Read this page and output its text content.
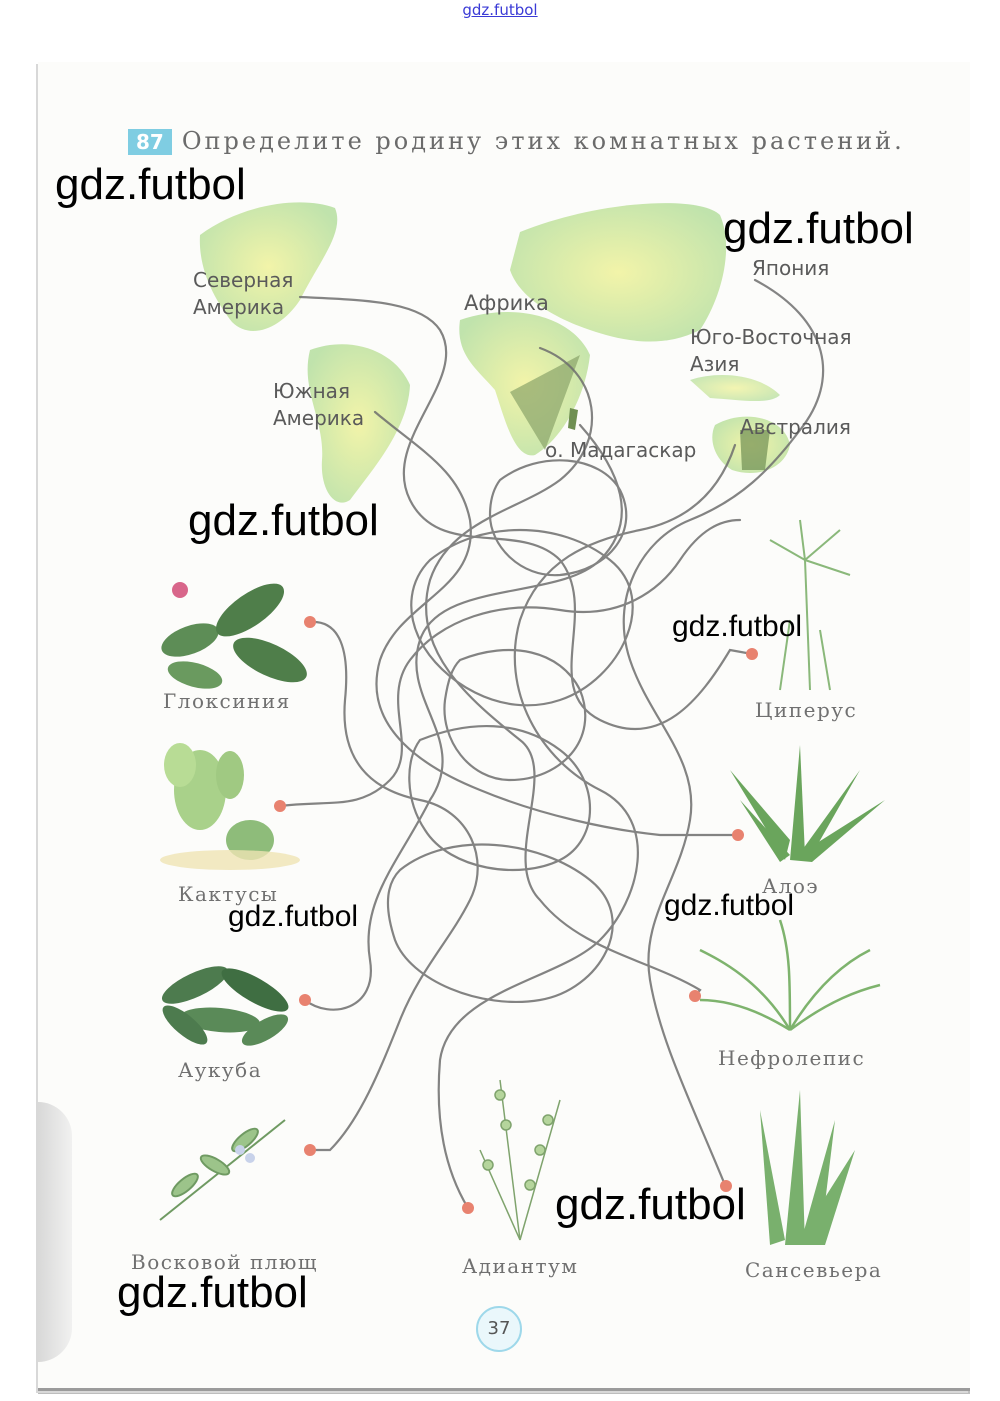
gdz.futbol
87 Определите родину этих комнатных растений.
Северная
Америка
Южная
Америка
Африка
Япония
Юго-Восточная
Азия
о. Мадагаскар
Австралия
Глоксиния
Кактусы
Аукуба
Восковой плющ	Адиантум	Сансевьера
Циперус
Алоэ
Нефролепис
37
gdz.futbol
gdz.futbol
gdz.futbol
gdz.futbol
gdz.futbol	gdz.futbol
gdz.futbol
gdz.futbol
